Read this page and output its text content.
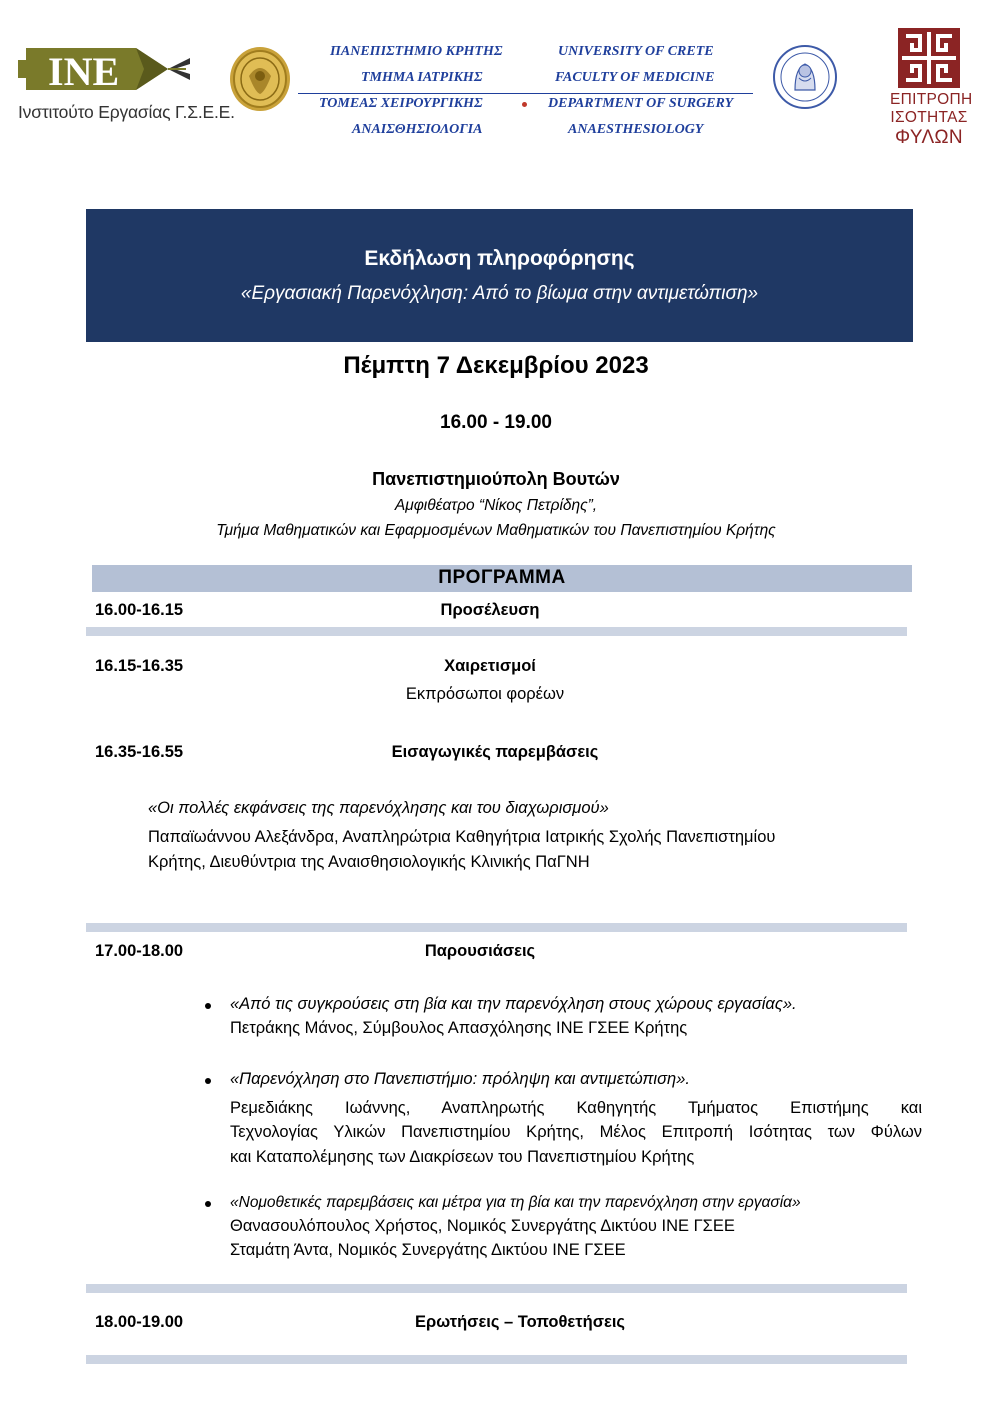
INE
Ινστιτούτο Εργασίας Γ.Σ.Ε.Ε.
ΠΑΝΕΠΙΣΤΗΜΙΟ ΚΡΗΤΗΣ	UNIVERSITY OF CRETE
ΤΜΗΜΑ ΙΑΤΡΙΚΗΣ	FACULTY OF MEDICINE
ΤΟΜΕΑΣ ΧΕΙΡΟΥΡΓΙΚΗΣ	DEPARTMENT OF SURGERY
ΑΝΑΙΣΘΗΣΙΟΛΟΓΙΑ	ANAESTHESIOLOGY
ΕΠΙΤΡΟΠΗ
ΙΣΟΤΗΤΑΣ
ΦΥΛΩΝ
Εκδήλωση πληροφόρησης
«Εργασιακή Παρενόχληση: Από το βίωμα στην αντιμετώπιση»
Πέμπτη 7 Δεκεμβρίου 2023
16.00 - 19.00
Πανεπιστημιούπολη Βουτών
Αμφιθέατρο “Νίκος Πετρίδης”,
Τμήμα Μαθηματικών και Εφαρμοσμένων Μαθηματικών του Πανεπιστημίου Κρήτης
ΠΡΟΓΡΑΜΜΑ
16.00-16.15	Προσέλευση
16.15-16.35	Χαιρετισμοί
Εκπρόσωποι φορέων
16.35-16.55	Εισαγωγικές παρεμβάσεις
«Οι πολλές εκφάνσεις της παρενόχλησης και του διαχωρισμού»
Παπαϊωάννου Αλεξάνδρα, Αναπληρώτρια Καθηγήτρια Ιατρικής Σχολής Πανεπιστημίου
Κρήτης, Διευθύντρια της Αναισθησιολογικής Κλινικής ΠαΓΝΗ
17.00-18.00	Παρουσιάσεις
«Από τις συγκρούσεις στη βία και την παρενόχληση στους χώρους εργασίας».
Πετράκης Μάνος, Σύμβουλος Απασχόλησης ΙΝΕ ΓΣΕΕ Κρήτης
«Παρενόχληση στο Πανεπιστήμιο: πρόληψη και αντιμετώπιση».
Ρεμεδιάκης Ιωάννης, Αναπληρωτής Καθηγητής Τμήματος Επιστήμης και
Τεχνολογίας Υλικών Πανεπιστημίου Κρήτης, Μέλος Επιτροπή Ισότητας των Φύλων
και Καταπολέμησης των Διακρίσεων του Πανεπιστημίου Κρήτης
«Νομοθετικές παρεμβάσεις και μέτρα για τη βία και την παρενόχληση στην εργασία»
Θανασουλόπουλος Χρήστος, Νομικός Συνεργάτης Δικτύου ΙΝΕ ΓΣΕΕ
Σταμάτη Άντα, Νομικός Συνεργάτης Δικτύου ΙΝΕ ΓΣΕΕ
18.00-19.00	Ερωτήσεις – Τοποθετήσεις
